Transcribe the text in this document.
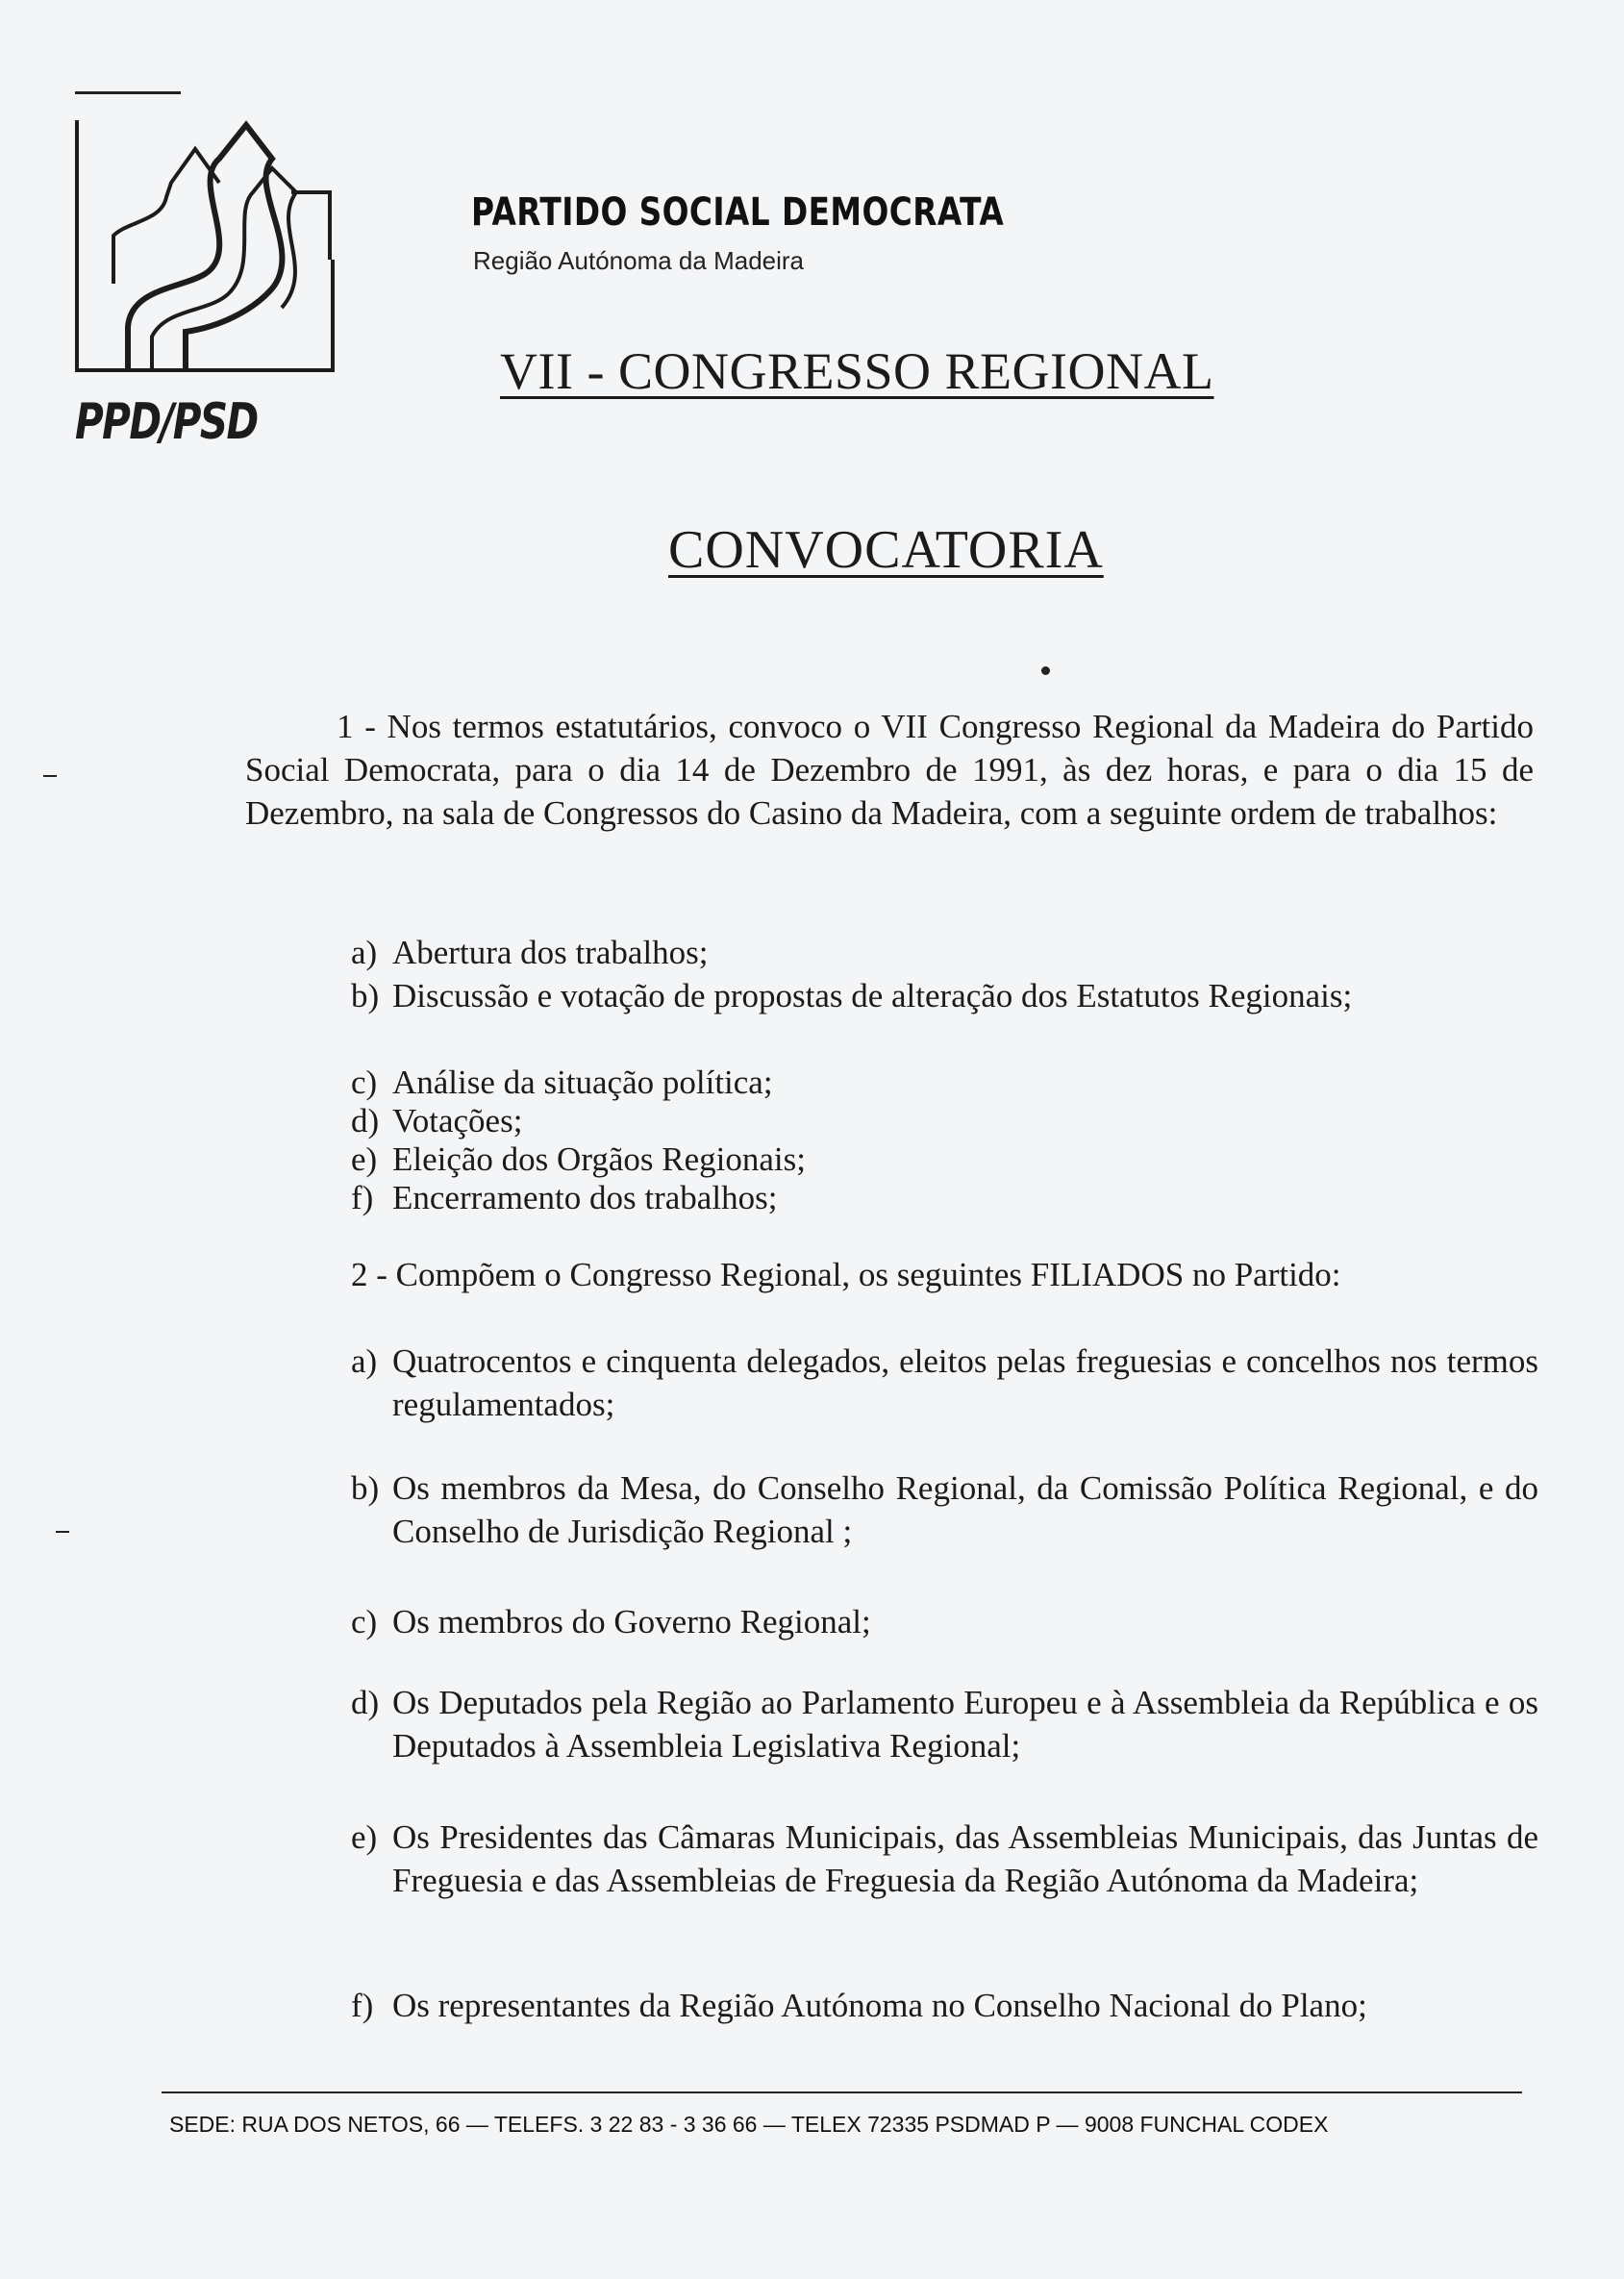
PPD/PSD
PARTIDO SOCIAL DEMOCRATA

Região Autónoma da Madeira

VII - CONGRESSO REGIONAL
CONVOCATORIA

1 - Nos termos estatutários, convoco o VII Congresso Regional da Madeira do Partido Social Democrata, para o dia 14 de Dezembro de 1991, às dez horas, e para o dia 15 de Dezembro, na sala de Congressos do Casino da Madeira, com a seguinte ordem de trabalhos:

a) Abertura dos trabalhos;
b) Discussão e votação de propostas de alteração dos Estatutos Regionais;
c) Análise da situação política;
d) Votações;
e) Eleição dos Orgãos Regionais;
f) Encerramento dos trabalhos;

2 - Compõem o Congresso Regional, os seguintes FILIADOS no Partido:

a) Quatrocentos e cinquenta delegados, eleitos pelas freguesias e concelhos nos termos regulamentados;
b) Os membros da Mesa, do Conselho Regional, da Comissão Política Regional, e do Conselho de Jurisdição Regional ;
c) Os membros do Governo Regional;
d) Os Deputados pela Região ao Parlamento Europeu e à Assembleia da República e os Deputados à Assembleia Legislativa Regional;
e) Os Presidentes das Câmaras Municipais, das Assembleias Municipais, das Juntas de Freguesia e das Assembleias de Freguesia da Região Autónoma da Madeira;
f) Os representantes da Região Autónoma no Conselho Nacional do Plano;

SEDE: RUA DOS NETOS, 66 — TELEFS. 3 22 83 - 3 36 66 — TELEX 72335 PSDMAD P — 9008 FUNCHAL CODEX
